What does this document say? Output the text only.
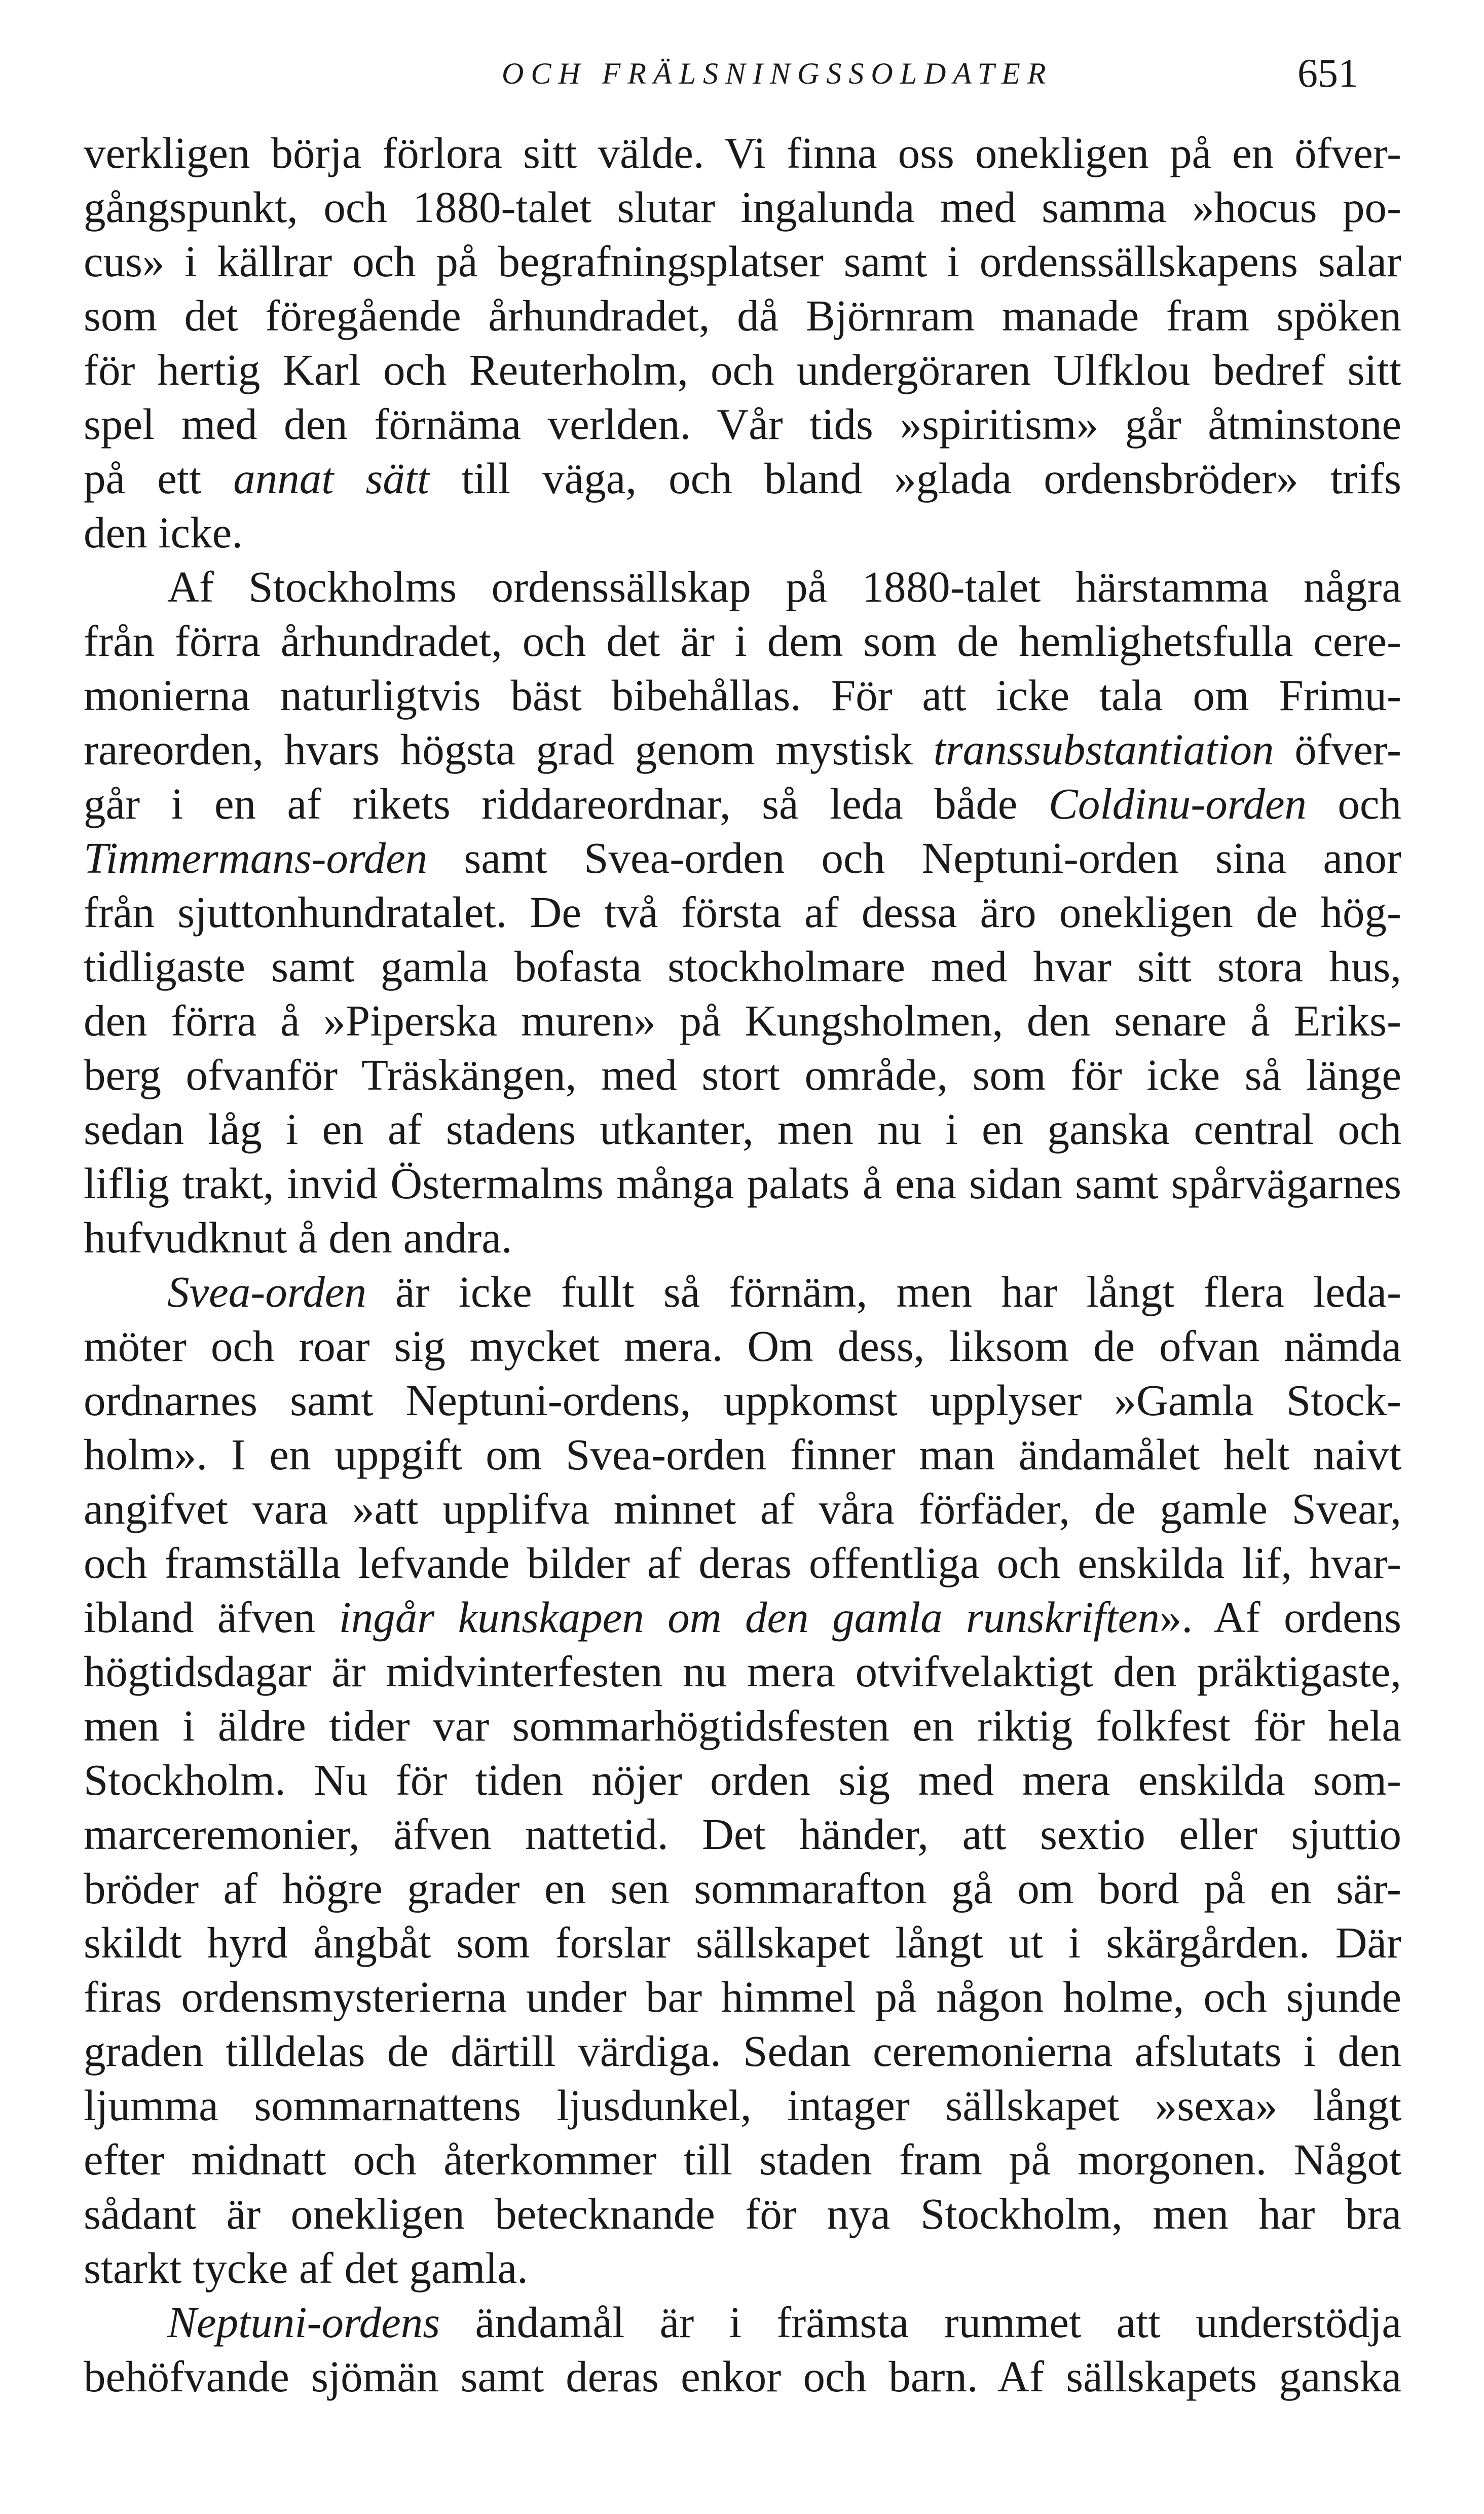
OCH FRÄLSNINGSSOLDATER	651
verkligen börja förlora sitt välde. Vi finna oss onekligen på en öfver-
gångspunkt, och 1880-talet slutar ingalunda med samma »hocus po-
cus» i källrar och på begrafningsplatser samt i ordenssällskapens salar
som det föregående århundradet, då Björnram manade fram spöken
för hertig Karl och Reuterholm, och undergöraren Ulfklou bedref sitt
spel med den förnäma verlden. Vår tids »spiritism» går åtminstone
på ett annat sätt till väga, och bland »glada ordensbröder» trifs
den icke.
Af Stockholms ordenssällskap på 1880-talet härstamma några
från förra århundradet, och det är i dem som de hemlighetsfulla cere-
monierna naturligtvis bäst bibehållas. För att icke tala om Frimu-
rareorden, hvars högsta grad genom mystisk transsubstantiation öfver-
går i en af rikets riddareordnar, så leda både Coldinu-orden och
Timmermans-orden samt Svea-orden och Neptuni-orden sina anor
från sjuttonhundratalet. De två första af dessa äro onekligen de hög-
tidligaste samt gamla bofasta stockholmare med hvar sitt stora hus,
den förra å »Piperska muren» på Kungsholmen, den senare å Eriks-
berg ofvanför Träskängen, med stort område, som för icke så länge
sedan låg i en af stadens utkanter, men nu i en ganska central och
liflig trakt, invid Östermalms många palats å ena sidan samt spårvägarnes
hufvudknut å den andra.
Svea-orden är icke fullt så förnäm, men har långt flera leda-
möter och roar sig mycket mera. Om dess, liksom de ofvan nämda
ordnarnes samt Neptuni-ordens, uppkomst upplyser »Gamla Stock-
holm». I en uppgift om Svea-orden finner man ändamålet helt naivt
angifvet vara »att upplifva minnet af våra förfäder, de gamle Svear,
och framställa lefvande bilder af deras offentliga och enskilda lif, hvar-
ibland äfven ingår kunskapen om den gamla runskriften». Af ordens
högtidsdagar är midvinterfesten nu mera otvifvelaktigt den präktigaste,
men i äldre tider var sommarhögtidsfesten en riktig folkfest för hela
Stockholm. Nu för tiden nöjer orden sig med mera enskilda som-
marceremonier, äfven nattetid. Det händer, att sextio eller sjuttio
bröder af högre grader en sen sommarafton gå om bord på en sär-
skildt hyrd ångbåt som forslar sällskapet långt ut i skärgården. Där
firas ordensmysterierna under bar himmel på någon holme, och sjunde
graden tilldelas de därtill värdiga. Sedan ceremonierna afslutats i den
ljumma sommarnattens ljusdunkel, intager sällskapet »sexa» långt
efter midnatt och återkommer till staden fram på morgonen. Något
sådant är onekligen betecknande för nya Stockholm, men har bra
starkt tycke af det gamla.
Neptuni-ordens ändamål är i främsta rummet att understödja
behöfvande sjömän samt deras enkor och barn. Af sällskapets ganska
